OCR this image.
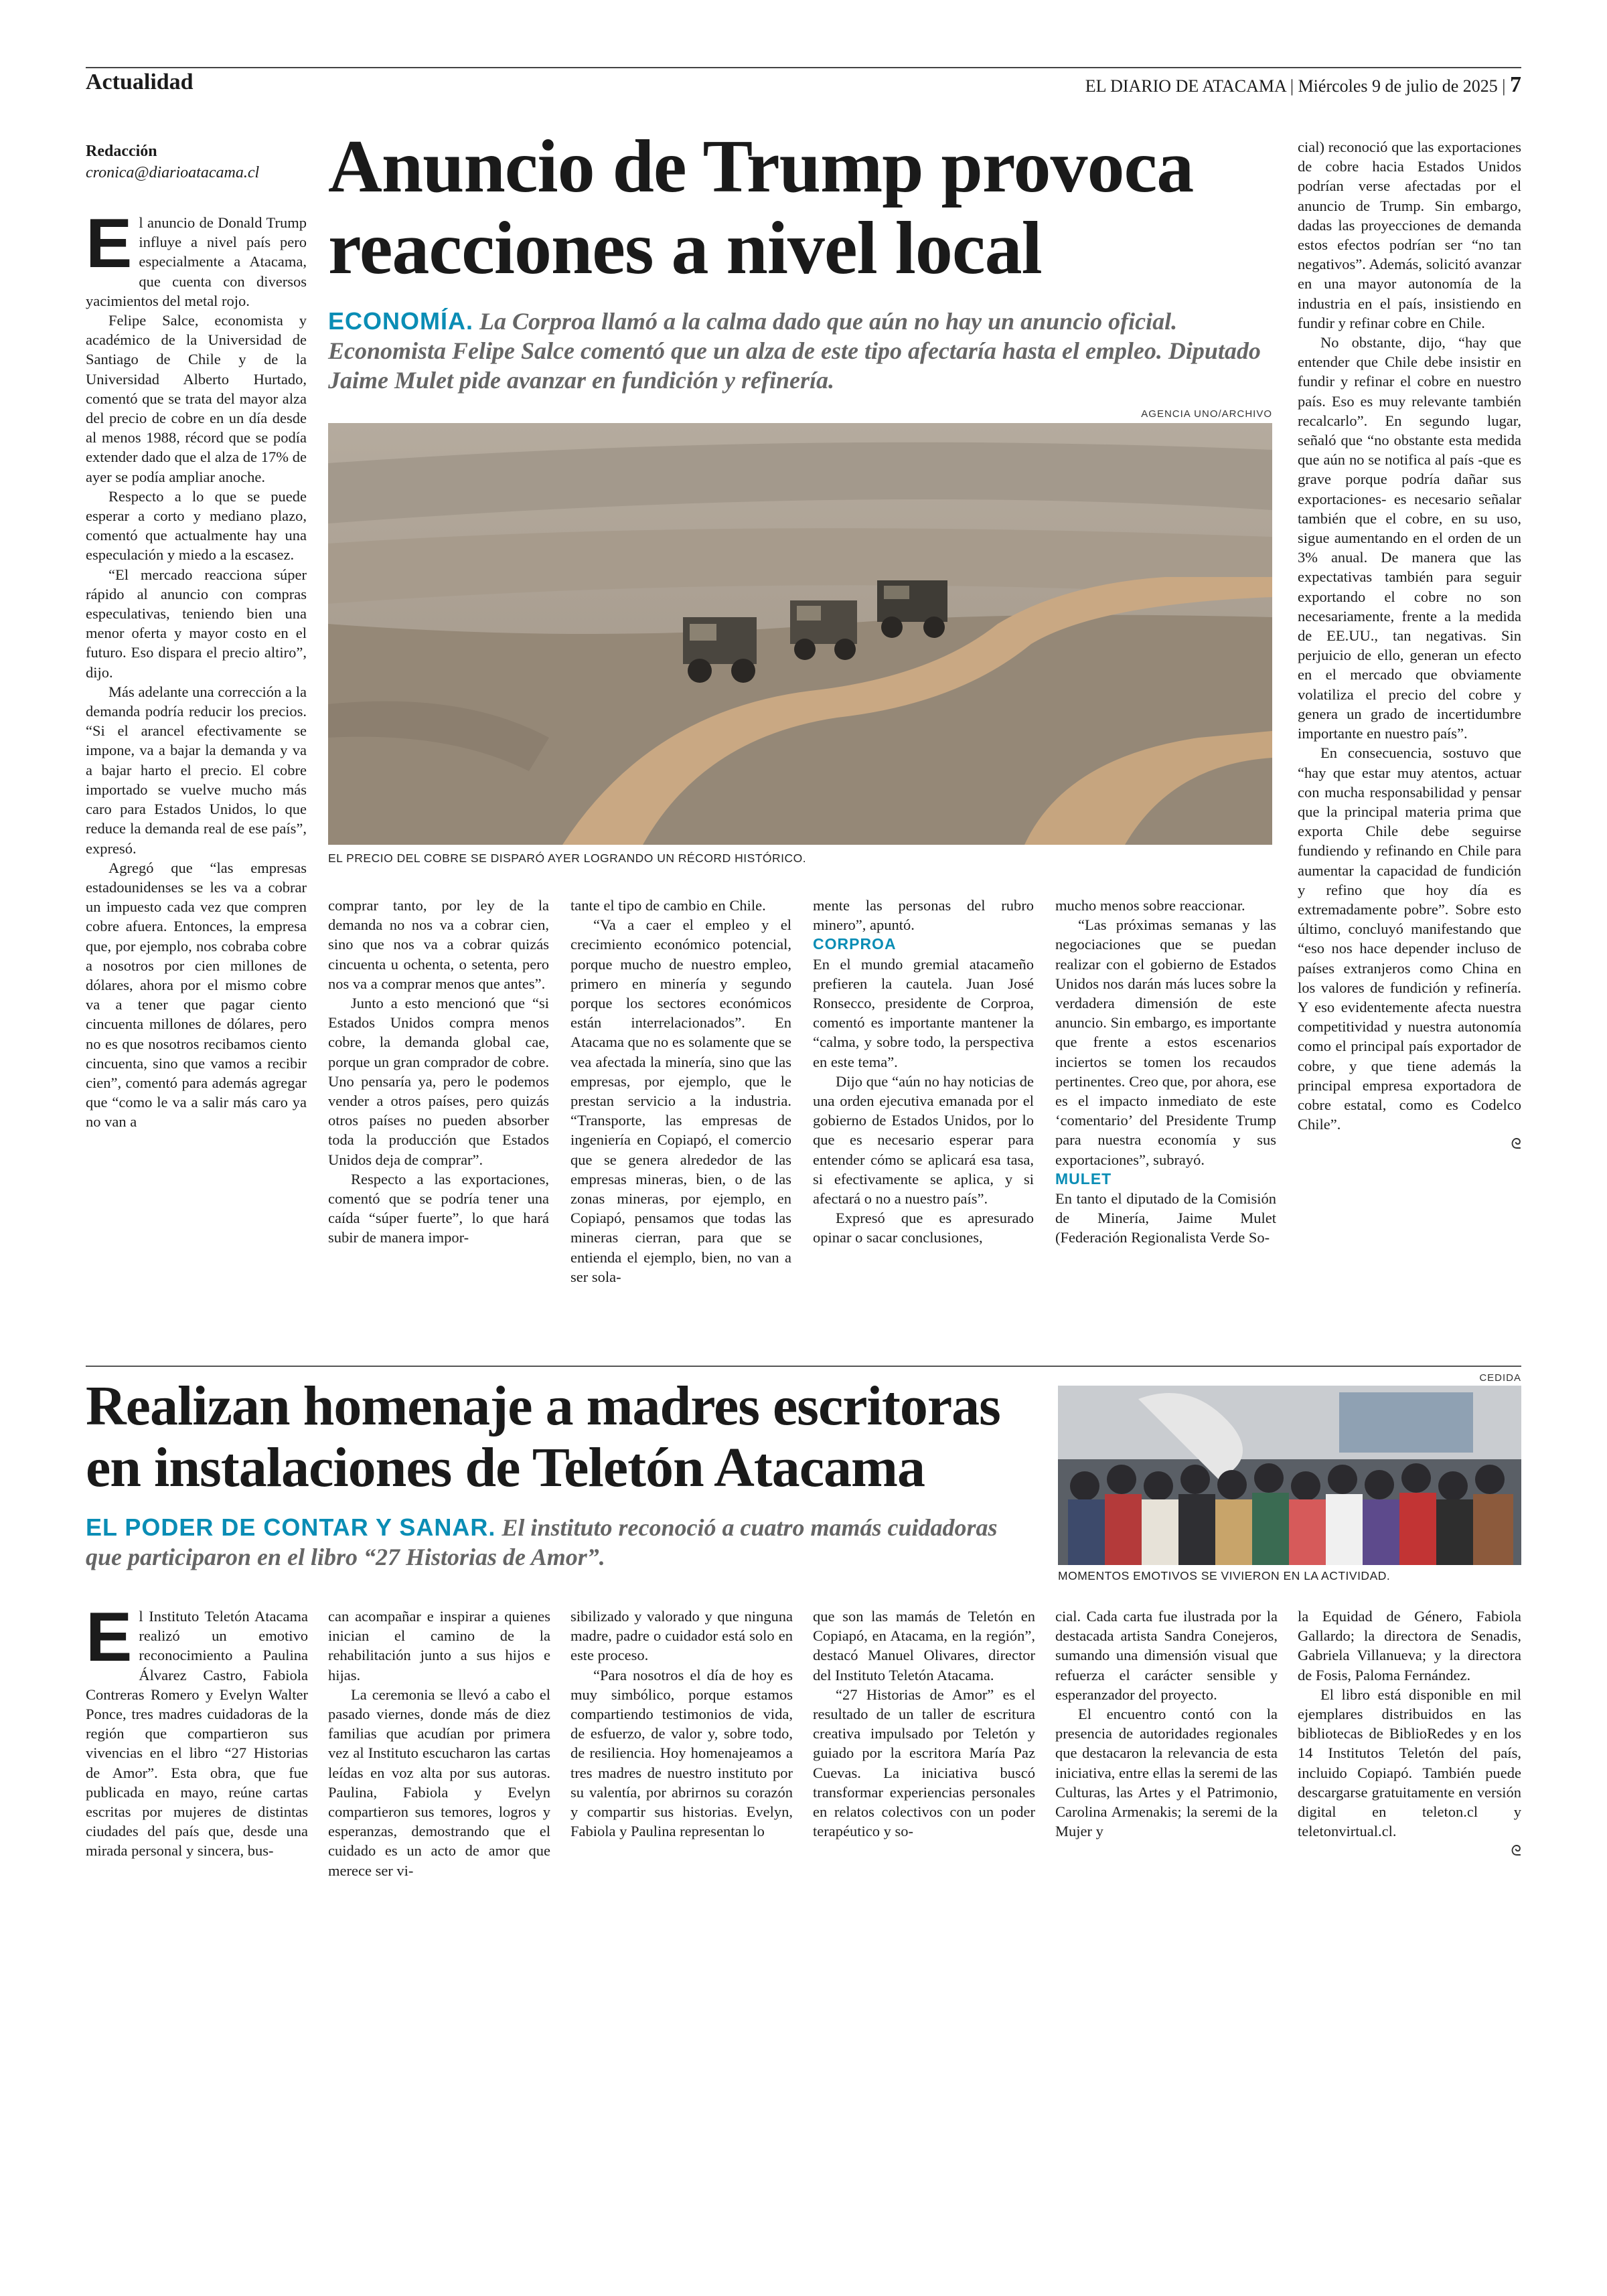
Actualidad	EL DIARIO DE ATACAMA | Miércoles 9 de julio de 2025 | 7
Redacción
cronica@diarioatacama.cl Anuncio de Trump provoca
reacciones a nivel local
ECONOMÍA. La Corproa llamó a la calma dado que aún no hay un anuncio oficial. Economista Felipe Salce comentó que un alza de este tipo afectaría hasta el empleo. Diputado Jaime Mulet pide avanzar en fundición y refinería.
AGENCIA UNO/ARCHIVO
EL PRECIO DEL COBRE SE DISPARÓ AYER LOGRANDO UN RÉCORD HISTÓRICO.

El anuncio de Donald Trump influye a nivel país pero especialmente a Atacama, que cuenta con diversos yacimientos del metal rojo.

Felipe Salce, economista y académico de la Universidad de Santiago de Chile y de la Universidad Alberto Hurtado, comentó que se trata del mayor alza del precio de cobre en un día desde al menos 1988, récord que se podía extender dado que el alza de 17% de ayer se podía ampliar anoche.

Respecto a lo que se puede esperar a corto y mediano plazo, comentó que actualmente hay una especulación y miedo a la escasez.

“El mercado reacciona súper rápido al anuncio con compras especulativas, teniendo bien una menor oferta y mayor costo en el futuro. Eso dispara el precio altiro”, dijo.

Más adelante una corrección a la demanda podría reducir los precios. “Si el arancel efectivamente se impone, va a bajar la demanda y va a bajar harto el precio. El cobre importado se vuelve mucho más caro para Estados Unidos, lo que reduce la demanda real de ese país”, expresó.

Agregó que “las empresas estadounidenses se les va a cobrar un impuesto cada vez que compren cobre afuera. Entonces, la empresa que, por ejemplo, nos cobraba cobre a nosotros por cien millones de dólares, ahora por el mismo cobre va a tener que pagar ciento cincuenta millones de dólares, pero no es que nosotros recibamos ciento cincuenta, sino que vamos a recibir cien”, comentó para además agregar que “como le va a salir más caro ya no van a

comprar tanto, por ley de la demanda no nos va a cobrar cien, sino que nos va a cobrar quizás cincuenta u ochenta, o setenta, pero nos va a comprar menos que antes”.

Junto a esto mencionó que “si Estados Unidos compra menos cobre, la demanda global cae, porque un gran comprador de cobre. Uno pensaría ya, pero le podemos vender a otros países, pero quizás otros países no pueden absorber toda la producción que Estados Unidos deja de comprar”.

Respecto a las exportaciones, comentó que se podría tener una caída “súper fuerte”, lo que hará subir de manera impor-

tante el tipo de cambio en Chile.

“Va a caer el empleo y el crecimiento económico potencial, porque mucho de nuestro empleo, primero en minería y segundo porque los sectores económicos están interrelacionados”. En Atacama que no es solamente que se vea afectada la minería, sino que las empresas, por ejemplo, que le prestan servicio a la industria. “Transporte, las empresas de ingeniería en Copiapó, el comercio que se genera alrededor de las empresas mineras, bien, o de las zonas mineras, por ejemplo, en Copiapó, pensamos que todas las mineras cierran, para que se entienda el ejemplo, bien, no van a ser sola-

mente las personas del rubro minero”, apuntó.

CORPROA

En el mundo gremial atacameño prefieren la cautela. Juan José Ronsecco, presidente de Corproa, comentó es importante mantener la “calma, y sobre todo, la perspectiva en este tema”.

Dijo que “aún no hay noticias de una orden ejecutiva emanada por el gobierno de Estados Unidos, por lo que es necesario esperar para entender cómo se aplicará esa tasa, si efectivamente se aplica, y si afectará o no a nuestro país”.

Expresó que es apresurado opinar o sacar conclusiones,

mucho menos sobre reaccionar.

“Las próximas semanas y las negociaciones que se puedan realizar con el gobierno de Estados Unidos nos darán más luces sobre la verdadera dimensión de este anuncio. Sin embargo, es importante que frente a estos escenarios inciertos se tomen los recaudos pertinentes. Creo que, por ahora, ese es el impacto inmediato de este ‘comentario’ del Presidente Trump para nuestra economía y sus exportaciones”, subrayó.

MULET

En tanto el diputado de la Comisión de Minería, Jaime Mulet (Federación Regionalista Verde So-

cial) reconoció que las exportaciones de cobre hacia Estados Unidos podrían verse afectadas por el anuncio de Trump. Sin embargo, dadas las proyecciones de demanda estos efectos podrían ser “no tan negativos”. Además, solicitó avanzar en una mayor autonomía de la industria en el país, insistiendo en fundir y refinar cobre en Chile.

No obstante, dijo, “hay que entender que Chile debe insistir en fundir y refinar el cobre en nuestro país. Eso es muy relevante también recalcarlo”. En segundo lugar, señaló que “no obstante esta medida que aún no se notifica al país -que es grave porque podría dañar sus exportaciones- es necesario señalar también que el cobre, en su uso, sigue aumentando en el orden de un 3% anual. De manera que las expectativas también para seguir exportando el cobre no son necesariamente, frente a la medida de EE.UU., tan negativas. Sin perjuicio de ello, generan un efecto en el mercado que obviamente volatiliza el precio del cobre y genera un grado de incertidumbre importante en nuestro país”.

En consecuencia, sostuvo que “hay que estar muy atentos, actuar con mucha responsabilidad y pensar que la principal materia prima que exporta Chile debe seguirse fundiendo y refinando en Chile para aumentar la capacidad de fundición y refino que hoy día es extremadamente pobre”. Sobre esto último, concluyó manifestando que “eso nos hace depender incluso de países extranjeros como China en los valores de fundición y refinería. Y eso evidentemente afecta nuestra competitividad y nuestra autonomía como el principal país exportador de cobre, y que tiene además la principal empresa exportadora de cobre estatal, como es Codelco Chile”.

ᘓ

Realizan homenaje a madres escritoras
en instalaciones de Teletón Atacama
EL PODER DE CONTAR Y SANAR. El instituto reconoció a cuatro mamás cuidadoras que participaron en el libro “27 Historias de Amor”.
CEDIDA
MOMENTOS EMOTIVOS SE VIVIERON EN LA ACTIVIDAD.

El Instituto Teletón Atacama realizó un emotivo reconocimiento a Paulina Álvarez Castro, Fabiola Contreras Romero y Evelyn Walter Ponce, tres madres cuidadoras de la región que compartieron sus vivencias en el libro “27 Historias de Amor”. Esta obra, que fue publicada en mayo, reúne cartas escritas por mujeres de distintas ciudades del país que, desde una mirada personal y sincera, bus-

can acompañar e inspirar a quienes inician el camino de la rehabilitación junto a sus hijos e hijas.

La ceremonia se llevó a cabo el pasado viernes, donde más de diez familias que acudían por primera vez al Instituto escucharon las cartas leídas en voz alta por sus autoras. Paulina, Fabiola y Evelyn compartieron sus temores, logros y esperanzas, demostrando que el cuidado es un acto de amor que merece ser vi-

sibilizado y valorado y que ninguna madre, padre o cuidador está solo en este proceso.

“Para nosotros el día de hoy es muy simbólico, porque estamos compartiendo testimonios de vida, de esfuerzo, de valor y, sobre todo, de resiliencia. Hoy homenajeamos a tres madres de nuestro instituto por su valentía, por abrirnos su corazón y compartir sus historias. Evelyn, Fabiola y Paulina representan lo

que son las mamás de Teletón en Copiapó, en Atacama, en la región”, destacó Manuel Olivares, director del Instituto Teletón Atacama.

“27 Historias de Amor” es el resultado de un taller de escritura creativa impulsado por Teletón y guiado por la escritora María Paz Cuevas. La iniciativa buscó transformar experiencias personales en relatos colectivos con un poder terapéutico y so-

cial. Cada carta fue ilustrada por la destacada artista Sandra Conejeros, sumando una dimensión visual que refuerza el carácter sensible y esperanzador del proyecto.

El encuentro contó con la presencia de autoridades regionales que destacaron la relevancia de esta iniciativa, entre ellas la seremi de las Culturas, las Artes y el Patrimonio, Carolina Armenakis; la seremi de la Mujer y

la Equidad de Género, Fabiola Gallardo; la directora de Senadis, Gabriela Villanueva; y la directora de Fosis, Paloma Fernández.

El libro está disponible en mil ejemplares distribuidos en las bibliotecas de BiblioRedes y en los 14 Institutos Teletón del país, incluido Copiapó. También puede descargarse gratuitamente en versión digital en teleton.cl y teletonvirtual.cl.

ᘓ
